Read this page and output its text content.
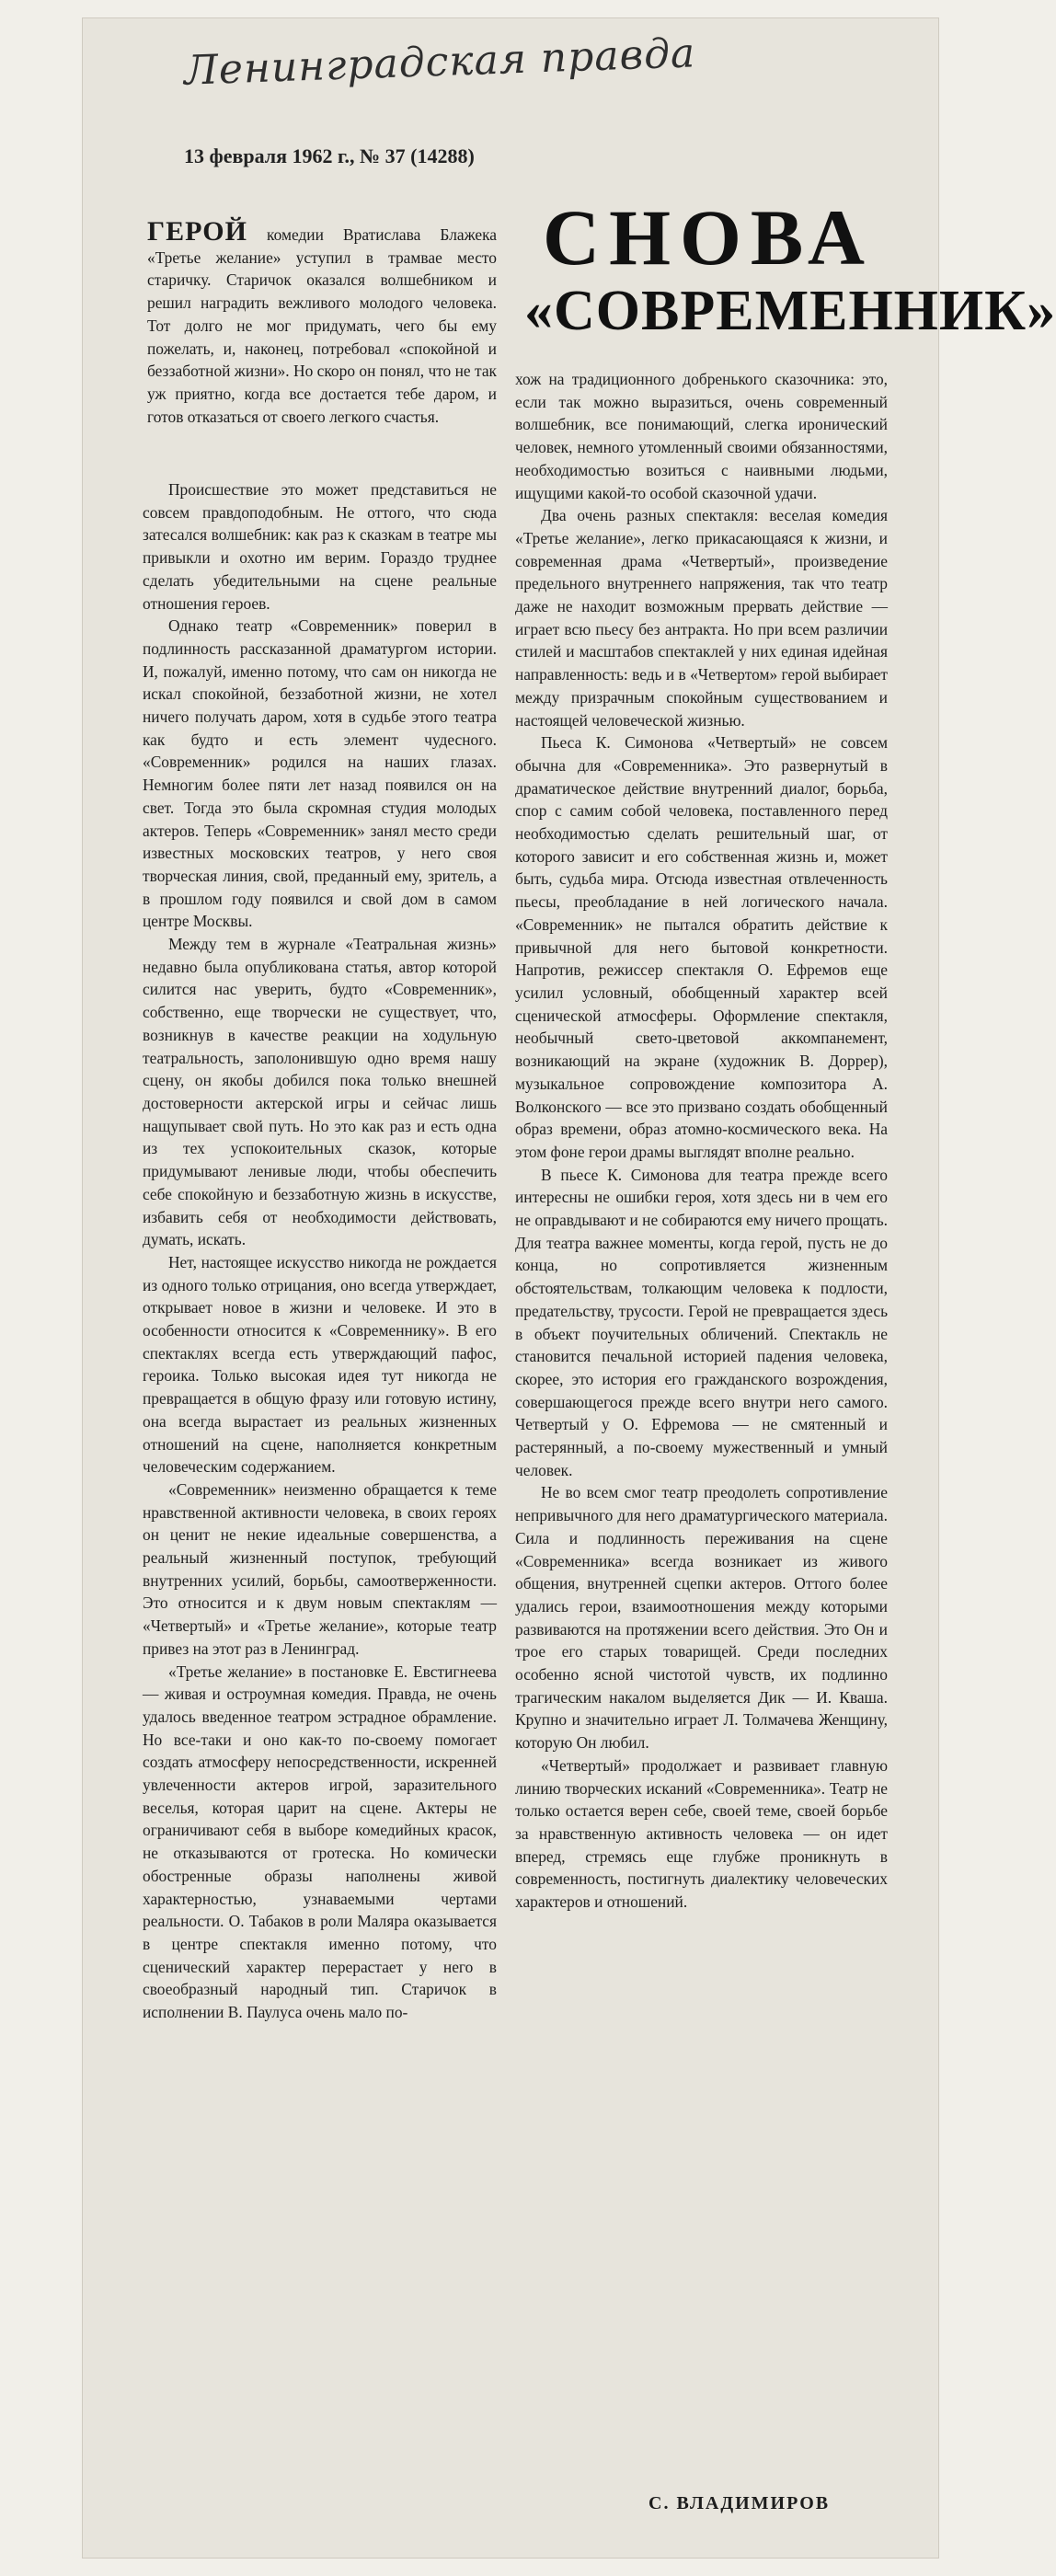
Ленинградская правда
13 февраля 1962 г., № 37 (14288)
СНОВА
«СОВРЕМЕННИК»
ГЕРОЙ комедии Вратислава Блажека «Третье желание» уступил в трамвае место старичку. Старичок оказался волшебником и решил наградить вежливого молодого человека. Тот долго не мог придумать, чего бы ему пожелать, и, наконец, потребовал «спокойной и беззаботной жизни». Но скоро он понял, что не так уж приятно, когда все достается тебе даром, и готов отказаться от своего легкого счастья.

Происшествие это может представиться не совсем правдоподобным. Не оттого, что сюда затесался волшебник: как раз к сказкам в театре мы привыкли и охотно им верим. Гораздо труднее сделать убедительными на сцене реальные отношения героев.

Однако театр «Современник» поверил в подлинность рассказанной драматургом истории. И, пожалуй, именно потому, что сам он никогда не искал спокойной, беззаботной жизни, не хотел ничего получать даром, хотя в судьбе этого театра как будто и есть элемент чудесного. «Современник» родился на наших глазах. Немногим более пяти лет назад появился он на свет. Тогда это была скромная студия молодых актеров. Теперь «Современник» занял место среди известных московских театров, у него своя творческая линия, свой, преданный ему, зритель, а в прошлом году появился и свой дом в самом центре Москвы.

Между тем в журнале «Театральная жизнь» недавно была опубликована статья, автор которой силится нас уверить, будто «Современник», собственно, еще творчески не существует, что, возникнув в качестве реакции на ходульную театральность, заполонившую одно время нашу сцену, он якобы добился пока только внешней достоверности актерской игры и сейчас лишь нащупывает свой путь. Но это как раз и есть одна из тех успокоительных сказок, которые придумывают ленивые люди, чтобы обеспечить себе спокойную и беззаботную жизнь в искусстве, избавить себя от необходимости действовать, думать, искать.

Нет, настоящее искусство никогда не рождается из одного только отрицания, оно всегда утверждает, открывает новое в жизни и человеке. И это в особенности относится к «Современнику». В его спектаклях всегда есть утверждающий пафос, героика. Только высокая идея тут никогда не превращается в общую фразу или готовую истину, она всегда вырастает из реальных жизненных отношений на сцене, наполняется конкретным человеческим содержанием.

«Современник» неизменно обращается к теме нравственной активности человека, в своих героях он ценит не некие идеальные совершенства, а реальный жизненный поступок, требующий внутренних усилий, борьбы, самоотверженности. Это относится и к двум новым спектаклям — «Четвертый» и «Третье желание», которые театр привез на этот раз в Ленинград.

«Третье желание» в постановке Е. Евстигнеева — живая и остроумная комедия. Правда, не очень удалось введенное театром эстрадное обрамление. Но все-таки и оно как-то по-своему помогает создать атмосферу непосредственности, искренней увлеченности актеров игрой, заразительного веселья, которая царит на сцене. Актеры не ограничивают себя в выборе комедийных красок, не отказываются от гротеска. Но комически обостренные образы наполнены живой характерностью, узнаваемыми чертами реальности. О. Табаков в роли Маляра оказывается в центре спектакля именно потому, что сценический характер перерастает у него в своеобразный народный тип. Старичок в исполнении В. Паулуса очень мало по-

хож на традиционного добренького сказочника: это, если так можно выразиться, очень современный волшебник, все понимающий, слегка иронический человек, немного утомленный своими обязанностями, необходимостью возиться с наивными людьми, ищущими какой-то особой сказочной удачи.

Два очень разных спектакля: веселая комедия «Третье желание», легко прикасающаяся к жизни, и современная драма «Четвертый», произведение предельного внутреннего напряжения, так что театр даже не находит возможным прервать действие — играет всю пьесу без антракта. Но при всем различии стилей и масштабов спектаклей у них единая идейная направленность: ведь и в «Четвертом» герой выбирает между призрачным спокойным существованием и настоящей человеческой жизнью.

Пьеса К. Симонова «Четвертый» не совсем обычна для «Современника». Это развернутый в драматическое действие внутренний диалог, борьба, спор с самим собой человека, поставленного перед необходимостью сделать решительный шаг, от которого зависит и его собственная жизнь и, может быть, судьба мира. Отсюда известная отвлеченность пьесы, преобладание в ней логического начала. «Современник» не пытался обратить действие к привычной для него бытовой конкретности. Напротив, режиссер спектакля О. Ефремов еще усилил условный, обобщенный характер всей сценической атмосферы. Оформление спектакля, необычный свето-цветовой аккомпанемент, возникающий на экране (художник В. Доррер), музыкальное сопровождение композитора А. Волконского — все это призвано создать обобщенный образ времени, образ атомно-космического века. На этом фоне герои драмы выглядят вполне реально.

В пьесе К. Симонова для театра прежде всего интересны не ошибки героя, хотя здесь ни в чем его не оправдывают и не собираются ему ничего прощать. Для театра важнее моменты, когда герой, пусть не до конца, но сопротивляется жизненным обстоятельствам, толкающим человека к подлости, предательству, трусости. Герой не превращается здесь в объект поучительных обличений. Спектакль не становится печальной историей падения человека, скорее, это история его гражданского возрождения, совершающегося прежде всего внутри него самого. Четвертый у О. Ефремова — не смятенный и растерянный, а по-своему мужественный и умный человек.

Не во всем смог театр преодолеть сопротивление непривычного для него драматургического материала. Сила и подлинность переживания на сцене «Современника» всегда возникает из живого общения, внутренней сцепки актеров. Оттого более удались герои, взаимоотношения между которыми развиваются на протяжении всего действия. Это Он и трое его старых товарищей. Среди последних особенно ясной чистотой чувств, их подлинно трагическим накалом выделяется Дик — И. Кваша. Крупно и значительно играет Л. Толмачева Женщину, которую Он любил.

«Четвертый» продолжает и развивает главную линию творческих исканий «Современника». Театр не только остается верен себе, своей теме, своей борьбе за нравственную активность человека — он идет вперед, стремясь еще глубже проникнуть в современность, постигнуть диалектику человеческих характеров и отношений.

С. ВЛАДИМИРОВ
